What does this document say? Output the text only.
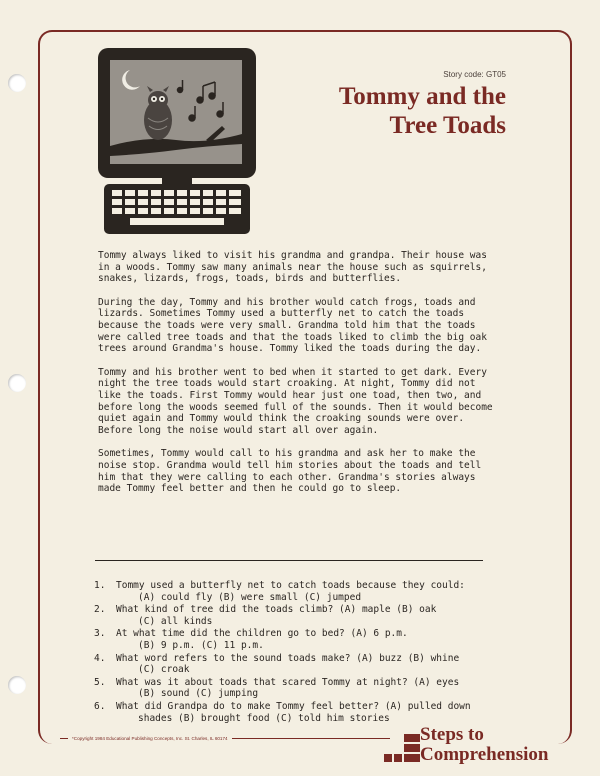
Story code: GT05
Tommy and the
Tree Toads

Tommy always liked to visit his grandma and grandpa. Their house was in a woods. Tommy saw many animals near the house such as squirrels, snakes, lizards, frogs, toads, birds and butterflies.

During the day, Tommy and his brother would catch frogs, toads and lizards. Sometimes Tommy used a butterfly net to catch the toads because the toads were very small. Grandma told him that the toads were called tree toads and that the toads liked to climb the big oak trees around Grandma's house. Tommy liked the toads during the day.

Tommy and his brother went to bed when it started to get dark. Every night the tree toads would start croaking. At night, Tommy did not like the toads. First Tommy would hear just one toad, then two, and before long the woods seemed full of the sounds. Then it would become quiet again and Tommy would think the croaking sounds were over. Before long the noise would start all over again.

Sometimes, Tommy would call to his grandma and ask her to make the noise stop. Grandma would tell him stories about the toads and tell him that they were calling to each other. Grandma's stories always made Tommy feel better and then he could go to sleep.

1.	Tommy used a butterfly net to catch toads because they could:
(A) could fly (B) were small (C) jumped
2.	What kind of tree did the toads climb? (A) maple (B) oak
(C) all kinds
3.	At what time did the children go to bed? (A) 6 p.m.
(B) 9 p.m. (C) 11 p.m.
4.	What word refers to the sound toads make? (A) buzz (B) whine
(C) croak
5.	What was it about toads that scared Tommy at night? (A) eyes
(B) sound (C) jumping
6.	What did Grandpa do to make Tommy feel better? (A) pulled down
shades (B) brought food (C) told him stories
*Copyright 1984 Educational Publishing Concepts, Inc. St. Charles, IL 60174	Steps to
Comprehension
